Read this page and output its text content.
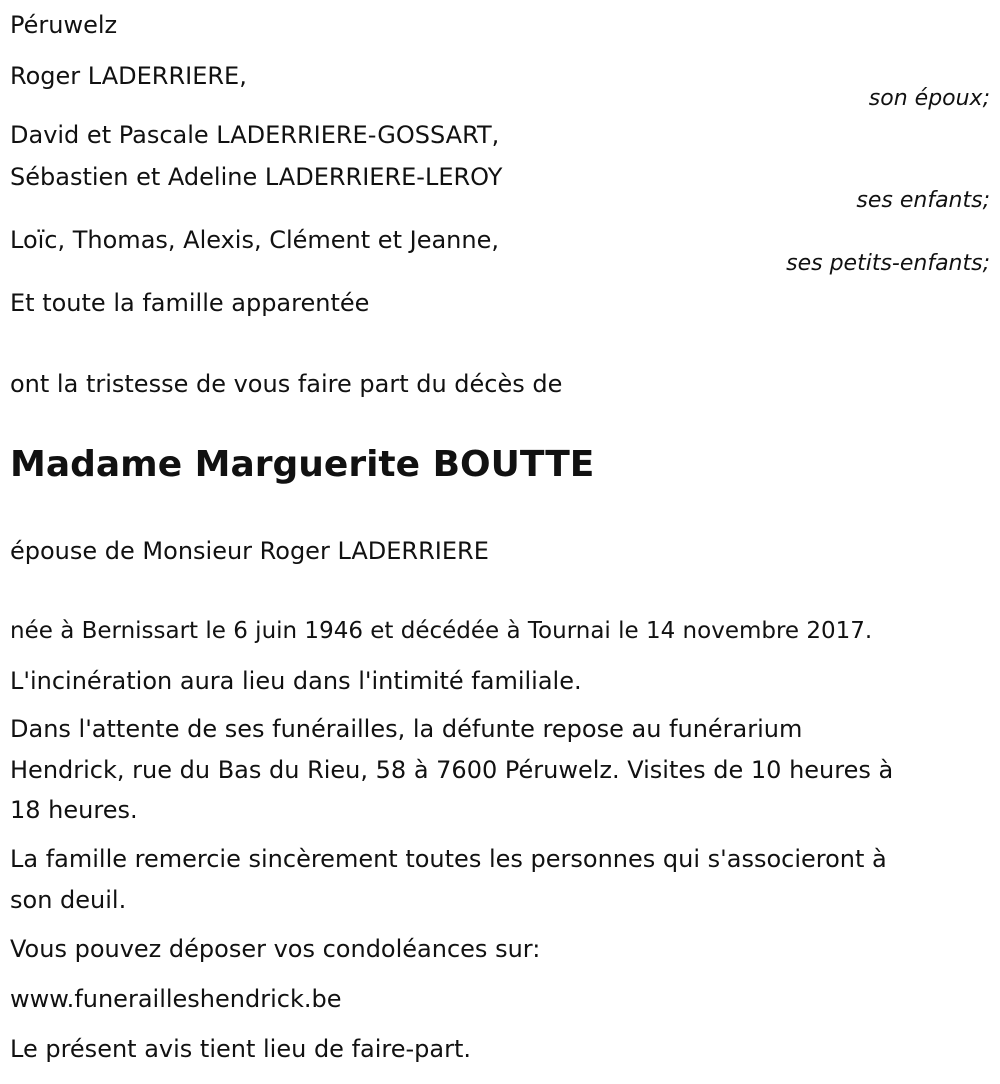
Péruwelz

Roger LADERRIERE,

son époux;

David et Pascale LADERRIERE-GOSSART,

Sébastien et Adeline LADERRIERE-LEROY

ses enfants;

Loïc, Thomas, Alexis, Clément et Jeanne,

ses petits-enfants;

Et toute la famille apparentée

ont la tristesse de vous faire part du décès de

Madame Marguerite BOUTTE

épouse de Monsieur Roger LADERRIERE

née à Bernissart le 6 juin 1946 et décédée à Tournai le 14 novembre 2017.

L'incinération aura lieu dans l'intimité familiale.

Dans l'attente de ses funérailles, la défunte repose au funérarium

Hendrick, rue du Bas du Rieu, 58 à 7600 Péruwelz. Visites de 10 heures à

18 heures.

La famille remercie sincèrement toutes les personnes qui s'associeront à

son deuil.

Vous pouvez déposer vos condoléances sur:

www.funerailleshendrick.be

Le présent avis tient lieu de faire-part.
